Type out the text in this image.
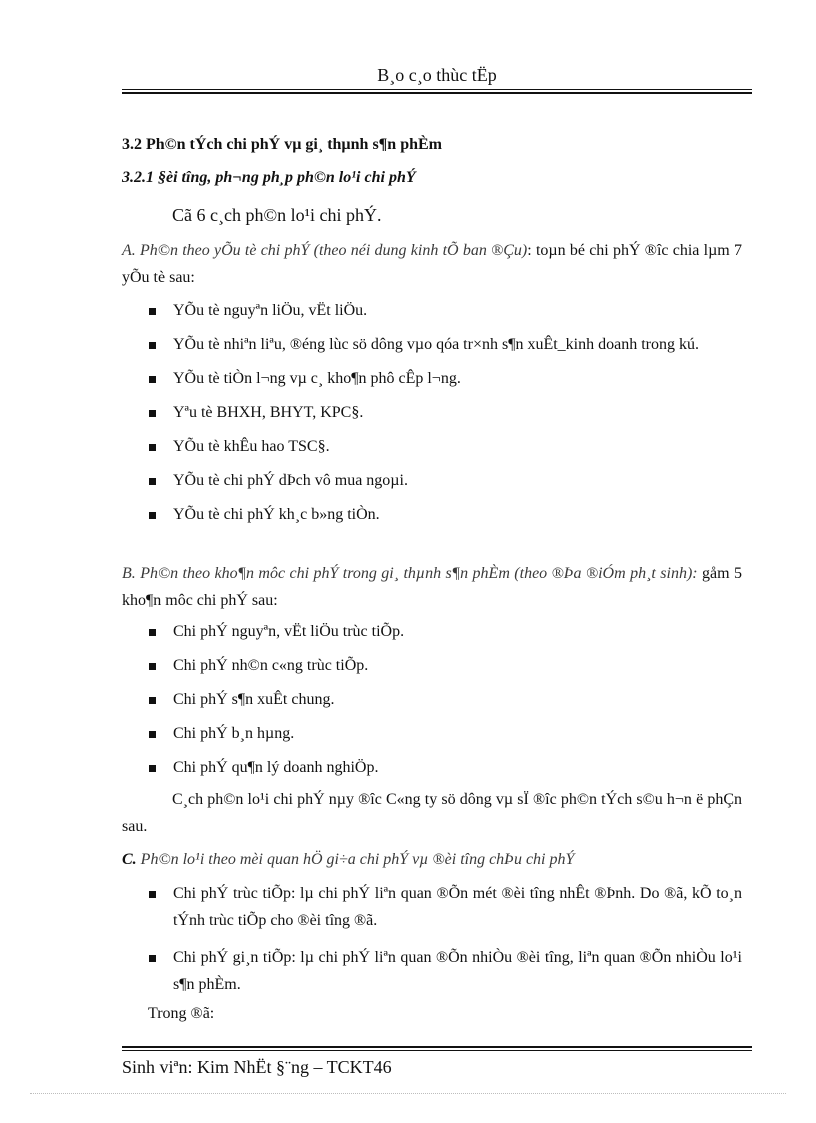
B¸o c¸o thùc tËp
3.2 Ph©n tÝch chi phÝ vµ gi¸ thµnh s¶n phÈm
3.2.1 §èi tîng, ph¬ng ph¸p ph©n lo¹i chi phÝ
Cã 6 c¸ch ph©n lo¹i chi phÝ.
A. Ph©n theo yÕu tè chi phÝ (theo néi dung kinh tÕ ban ®Çu): toµn bé chi phÝ ®îc chia lµm 7 yÕu tè sau:
YÕu tè nguyªn liÖu, vËt liÖu.
YÕu tè nhiªn liªu, ®éng lùc sö dông vµo qóa tr×nh s¶n xuÊt_kinh doanh trong kú.
YÕu tè tiÒn l¬ng vµ c¸ kho¶n phô cÊp l¬ng.
Yªu tè BHXH, BHYT, KPC§.
YÕu tè khÊu hao TSC§.
YÕu tè chi phÝ dÞch vô mua ngoµi.
YÕu tè chi phÝ kh¸c b»ng tiÒn.
B. Ph©n theo kho¶n môc chi phÝ trong gi¸ thµnh s¶n phÈm (theo ®Þa ®iÓm ph¸t sinh): gåm 5 kho¶n môc chi phÝ sau:
Chi phÝ nguyªn, vËt liÖu trùc tiÕp.
Chi phÝ nh©n c«ng trùc tiÕp.
Chi phÝ s¶n xuÊt chung.
Chi phÝ b¸n hµng.
Chi phÝ qu¶n lý doanh nghiÖp.
C¸ch ph©n lo¹i chi phÝ nµy ®îc C«ng ty sö dông vµ sÏ ®îc ph©n tÝch s©u h¬n ë phÇn sau.
C. Ph©n lo¹i theo mèi quan hÖ gi÷a chi phÝ vµ ®èi tîng chÞu chi phÝ
Chi phÝ trùc tiÕp: lµ chi phÝ liªn quan ®Õn mét ®èi tîng nhÊt ®Þnh. Do ®ã, kÕ to¸n tÝnh trùc tiÕp cho ®èi tîng ®ã.
Chi phÝ gi¸n tiÕp: lµ chi phÝ liªn quan ®Õn nhiÒu ®èi tîng, liªn quan ®Õn nhiÒu lo¹i s¶n phÈm.
Trong ®ã:
Sinh viªn: Kim NhËt §¨ng – TCKT46
